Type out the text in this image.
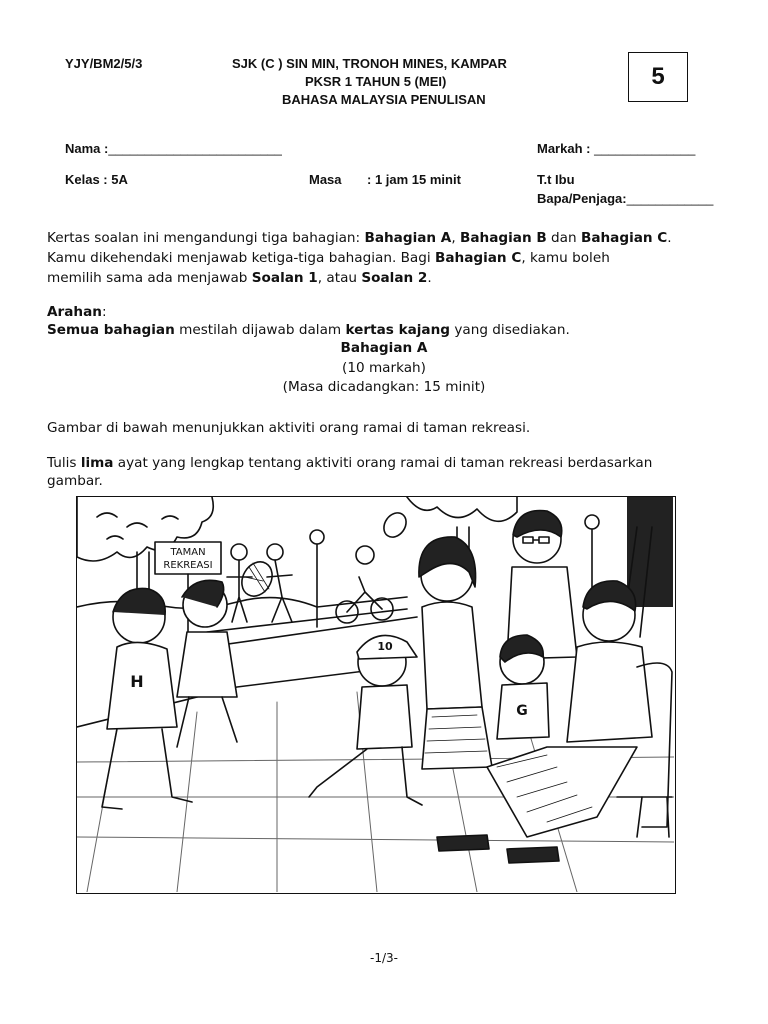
YJY/BM2/5/3	SJK (C ) SIN MIN, TRONOH MINES, KAMPAR
PKSR 1 TAHUN 5 (MEI)
BAHASA MALAYSIA PENULISAN
5
Nama :________________________	Markah : ______________
Kelas : 5A	Masa : 1 jam 15 minit	T.t Ibu
Bapa/Penjaga:____________
Kertas soalan ini mengandungi tiga bahagian: Bahagian A, Bahagian B dan Bahagian C.
Kamu dikehendaki menjawab ketiga-tiga bahagian. Bagi Bahagian C, kamu boleh
memilih sama ada menjawab Soalan 1, atau Soalan 2.
Arahan:
Semua bahagian mestilah dijawab dalam kertas kajang yang disediakan.
Bahagian A
(10 markah)
(Masa dicadangkan: 15 minit)
Gambar di bawah menunjukkan aktiviti orang ramai di taman rekreasi.
Tulis lima ayat yang lengkap tentang aktiviti orang ramai di taman rekreasi berdasarkan
gambar.
TAMAN
REKREASI
10
H
G
-1/3-
